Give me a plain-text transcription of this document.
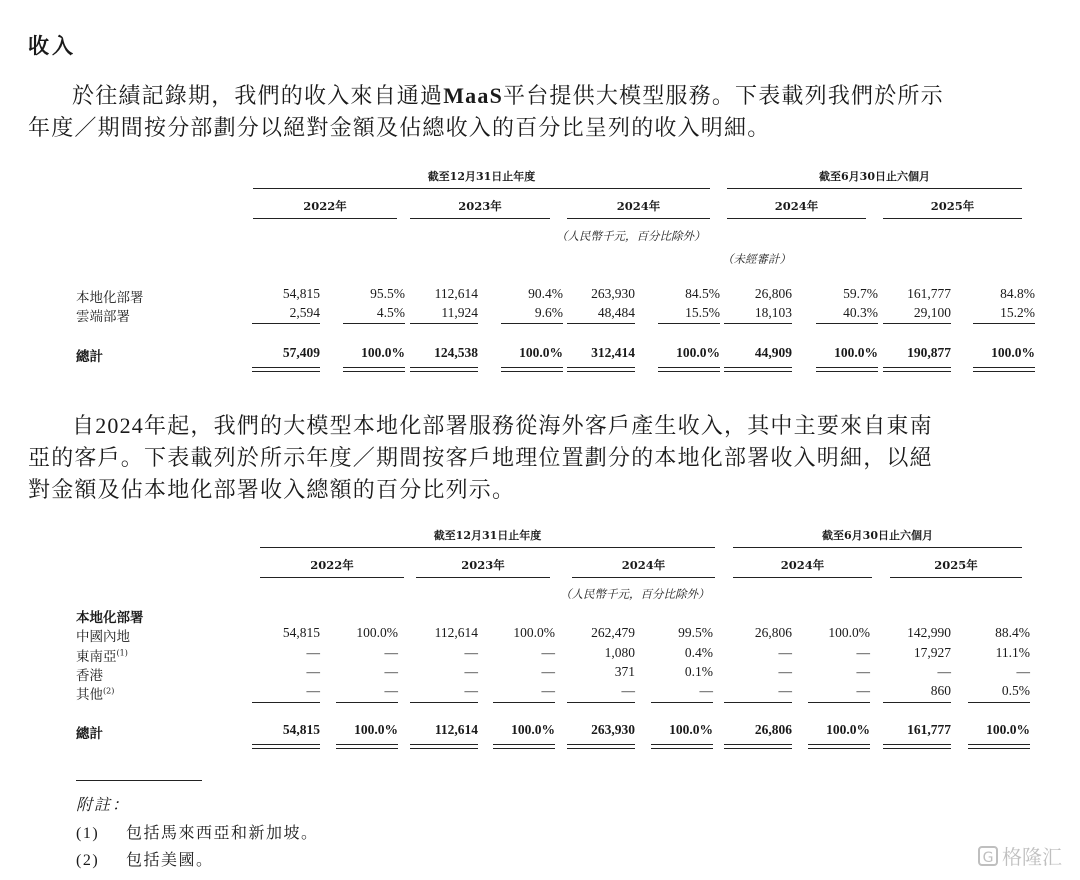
收入

於往績記錄期，我們的收入來自通過MaaS平台提供大模型服務。下表載列我們於所示
年度／期間按分部劃分以絕對金額及佔總收入的百分比呈列的收入明細。

截至12月31日止年度	截至6月30日止六個月
2022年	2023年	2024年	2024年	2025年
（人民幣千元，百分比除外）
（未經審計）
本地化部署	54,815	95.5%	112,614	90.4%	263,930	84.5%	26,806	59.7%	161,777	84.8%
雲端部署	2,594	4.5%	11,924	9.6%	48,484	15.5%	18,103	40.3%	29,100	15.2%
總計	57,409	100.0%	124,538	100.0%	312,414	100.0%	44,909	100.0%	190,877	100.0%

自2024年起，我們的大模型本地化部署服務從海外客戶產生收入，其中主要來自東南
亞的客戶。下表載列於所示年度／期間按客戶地理位置劃分的本地化部署收入明細，以絕
對金額及佔本地化部署收入總額的百分比列示。

截至12月31日止年度	截至6月30日止六個月
2022年	2023年	2024年	2024年	2025年
（人民幣千元，百分比除外）
本地化部署
中國內地	54,815	100.0%	112,614	100.0%	262,479	99.5%	26,806	100.0%	142,990	88.4%
東南亞$^{(1)}$	—	—	—	—	1,080	0.4%	—	—	17,927	11.1%
香港	—	—	—	—	371	0.1%	—	—	—	—
其他$^{(2)}$	—	—	—	—	—	—	—	—	860	0.5%
總計	54,815	100.0%	112,614	100.0%	263,930	100.0%	26,806	100.0%	161,777	100.0%
附註：
(1) 包括馬來西亞和新加坡。
(2) 包括美國。	G 格隆汇
